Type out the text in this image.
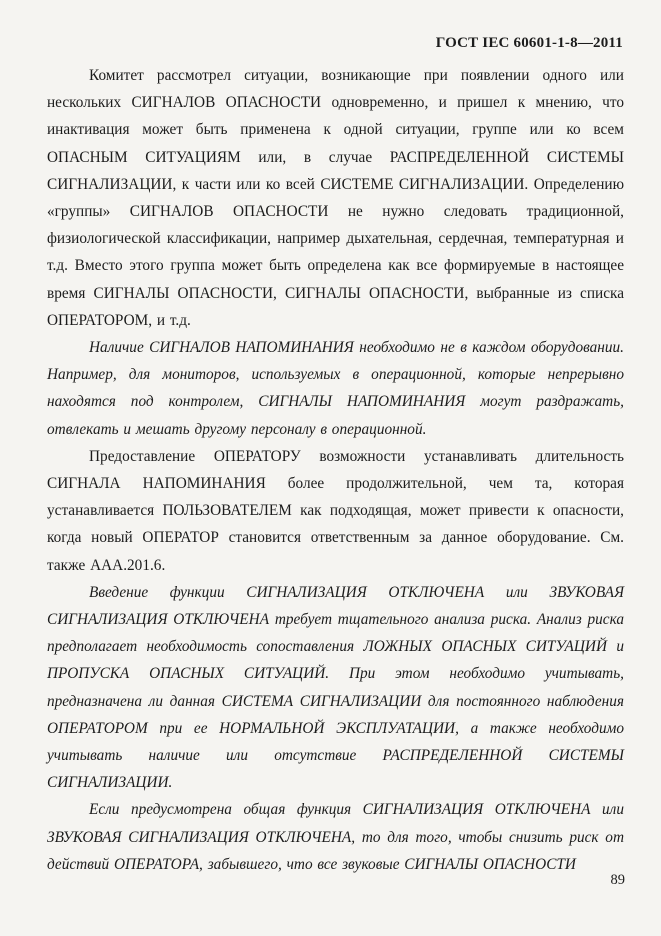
ГОСТ IEC 60601-1-8—2011

Комитет рассмотрел ситуации, возникающие при появлении одного или нескольких СИГНАЛОВ ОПАСНОСТИ одновременно, и пришел к мнению, что инактивация может быть применена к одной ситуации, группе или ко всем ОПАСНЫМ СИТУАЦИЯМ или, в случае РАСПРЕДЕЛЕННОЙ СИСТЕМЫ СИГНАЛИЗАЦИИ, к части или ко всей СИСТЕМЕ СИГНАЛИЗАЦИИ. Определению «группы» СИГНАЛОВ ОПАСНОСТИ не нужно следовать традиционной, физиологической классификации, например дыхательная, сердечная, температурная и т.д. Вместо этого группа может быть определена как все формируемые в настоящее время СИГНАЛЫ ОПАСНОСТИ, СИГНАЛЫ ОПАСНОСТИ, выбранные из списка ОПЕРАТОРОМ, и т.д.

Наличие СИГНАЛОВ НАПОМИНАНИЯ необходимо не в каждом оборудовании. Например, для мониторов, используемых в операционной, которые непрерывно находятся под контролем, СИГНАЛЫ НАПОМИНАНИЯ могут раздражать, отвлекать и мешать другому персоналу в операционной.

Предоставление ОПЕРАТОРУ возможности устанавливать длительность СИГНАЛА НАПОМИНАНИЯ более продолжительной, чем та, которая устанавливается ПОЛЬЗОВАТЕЛЕМ как подходящая, может привести к опасности, когда новый ОПЕРАТОР становится ответственным за данное оборудование. См. также AAA.201.6.

Введение функции СИГНАЛИЗАЦИЯ ОТКЛЮЧЕНА или ЗВУКОВАЯ СИГНАЛИЗАЦИЯ ОТКЛЮЧЕНА требует тщательного анализа риска. Анализ риска предполагает необходимость сопоставления ЛОЖНЫХ ОПАСНЫХ СИТУАЦИЙ и ПРОПУСКА ОПАСНЫХ СИТУАЦИЙ. При этом необходимо учитывать, предназначена ли данная СИСТЕМА СИГНАЛИЗАЦИИ для постоянного наблюдения ОПЕРАТОРОМ при ее НОРМАЛЬНОЙ ЭКСПЛУАТАЦИИ, а также необходимо учитывать наличие или отсутствие РАСПРЕДЕЛЕННОЙ СИСТЕМЫ СИГНАЛИЗАЦИИ.

Если предусмотрена общая функция СИГНАЛИЗАЦИЯ ОТКЛЮЧЕНА или ЗВУКОВАЯ СИГНАЛИЗАЦИЯ ОТКЛЮЧЕНА, то для того, чтобы снизить риск от действий ОПЕРАТОРА, забывшего, что все звуковые СИГНАЛЫ ОПАСНОСТИ

89
